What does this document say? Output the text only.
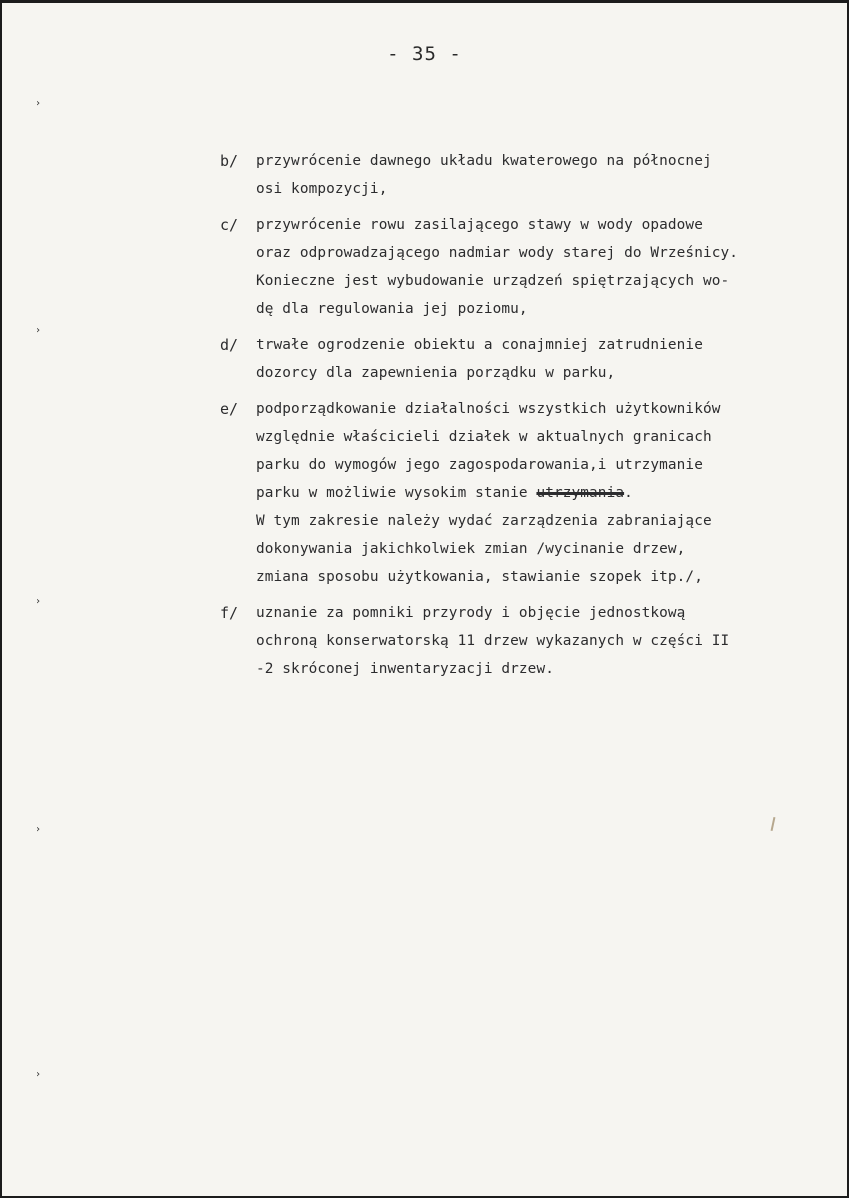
- 35 -
b/	przywrócenie dawnego układu kwaterowego na północnej
osi kompozycji,
c/	przywrócenie rowu zasilającego stawy w wody opadowe
oraz odprowadzającego nadmiar wody starej do Wrześnicy.
Konieczne jest wybudowanie urządzeń spiętrzających wo-
dę dla regulowania jej poziomu,
d/	trwałe ogrodzenie obiektu a conajmniej zatrudnienie
dozorcy dla zapewnienia porządku w parku,
e/	podporządkowanie działalności wszystkich użytkowników
względnie właścicieli działek w aktualnych granicach
parku do wymogów jego zagospodarowania,i utrzymanie
parku w możliwie wysokim stanie utrzymania.
W tym zakresie należy wydać zarządzenia zabraniające
dokonywania jakichkolwiek zmian /wycinanie drzew,
zmiana sposobu użytkowania, stawianie szopek itp./,
f/	uznanie za pomniki przyrody i objęcie jednostkową
ochroną konserwatorską 11 drzew wykazanych w części II
-2 skróconej inwentaryzacji drzew.
›
›
›
›
›
